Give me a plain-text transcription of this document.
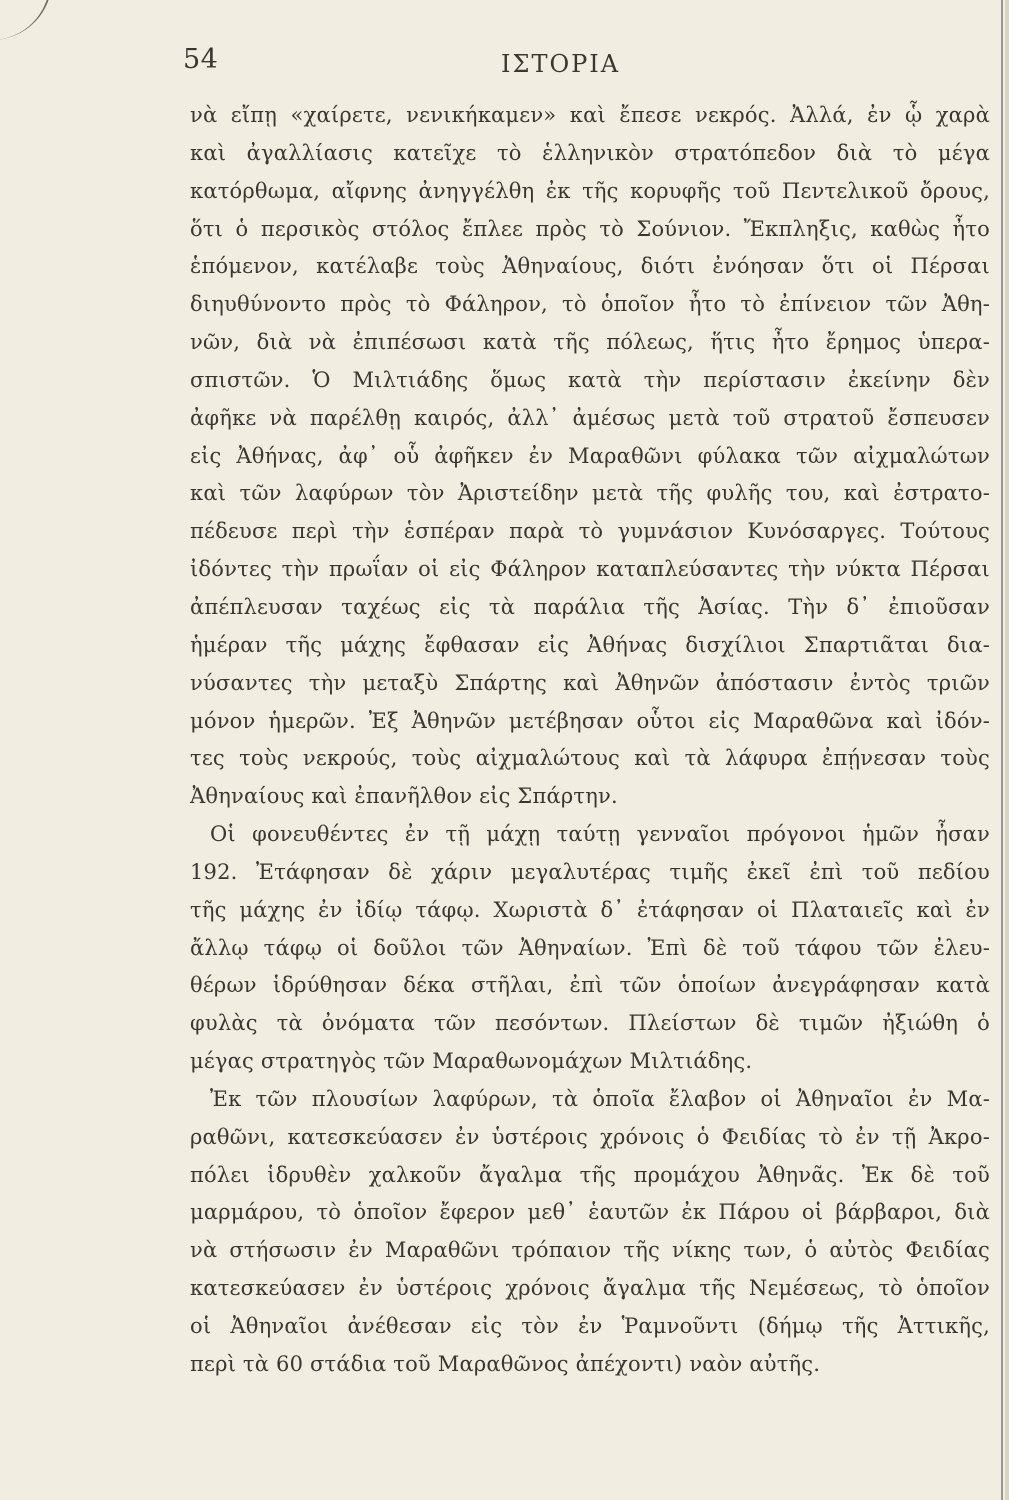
54	ΙΣΤΟΡΙΑ
νὰ εἴπῃ «χαίρετε, νενικήκαμεν» καὶ ἔπεσε νεκρός. Ἀλλά, ἐν ᾧ χαρὰ
καὶ ἀγαλλίασις κατεῖχε τὸ ἑλληνικὸν στρατόπεδον διὰ τὸ μέγα
κατόρθωμα, αἴφνης ἀνηγγέλθη ἐκ τῆς κορυφῆς τοῦ Πεντελικοῦ ὄρους,
ὅτι ὁ περσικὸς στόλος ἔπλεε πρὸς τὸ Σούνιον. Ἔκπληξις, καθὼς ἦτο
ἑπόμενον, κατέλαβε τοὺς Ἀθηναίους, διότι ἐνόησαν ὅτι οἱ Πέρσαι
διηυθύνοντο πρὸς τὸ Φάληρον, τὸ ὁποῖον ἦτο τὸ ἐπίνειον τῶν Ἀθη-
νῶν, διὰ νὰ ἐπιπέσωσι κατὰ τῆς πόλεως, ἥτις ἦτο ἔρημος ὑπερα-
σπιστῶν. Ὁ Μιλτιάδης ὅμως κατὰ τὴν περίστασιν ἐκείνην δὲν
ἀφῆκε νὰ παρέλθῃ καιρός, ἀλλ᾽ ἀμέσως μετὰ τοῦ στρατοῦ ἔσπευσεν
εἰς Ἀθήνας, ἀφ᾽ οὗ ἀφῆκεν ἐν Μαραθῶνι φύλακα τῶν αἰχμαλώτων
καὶ τῶν λαφύρων τὸν Ἀριστείδην μετὰ τῆς φυλῆς του, καὶ ἐστρατο-
πέδευσε περὶ τὴν ἑσπέραν παρὰ τὸ γυμνάσιον Κυνόσαργες. Τούτους
ἰδόντες τὴν πρωΐαν οἱ εἰς Φάληρον καταπλεύσαντες τὴν νύκτα Πέρσαι
ἀπέπλευσαν ταχέως εἰς τὰ παράλια τῆς Ἀσίας. Τὴν δ᾽ ἐπιοῦσαν
ἡμέραν τῆς μάχης ἔφθασαν εἰς Ἀθήνας δισχίλιοι Σπαρτιᾶται δια-
νύσαντες τὴν μεταξὺ Σπάρτης καὶ Ἀθηνῶν ἀπόστασιν ἐντὸς τριῶν
μόνον ἡμερῶν. Ἐξ Ἀθηνῶν μετέβησαν οὗτοι εἰς Μαραθῶνα καὶ ἰδόν-
τες τοὺς νεκρούς, τοὺς αἰχμαλώτους καὶ τὰ λάφυρα ἐπῄνεσαν τοὺς
Ἀθηναίους καὶ ἐπανῆλθον εἰς Σπάρτην.
Οἱ φονευθέντες ἐν τῇ μάχῃ ταύτῃ γενναῖοι πρόγονοι ἡμῶν ἦσαν
192. Ἐτάφησαν δὲ χάριν μεγαλυτέρας τιμῆς ἐκεῖ ἐπὶ τοῦ πεδίου
τῆς μάχης ἐν ἰδίῳ τάφῳ. Χωριστὰ δ᾽ ἐτάφησαν οἱ Πλαταιεῖς καὶ ἐν
ἄλλῳ τάφῳ οἱ δοῦλοι τῶν Ἀθηναίων. Ἐπὶ δὲ τοῦ τάφου τῶν ἐλευ-
θέρων ἱδρύθησαν δέκα στῆλαι, ἐπὶ τῶν ὁποίων ἀνεγράφησαν κατὰ
φυλὰς τὰ ὀνόματα τῶν πεσόντων. Πλείστων δὲ τιμῶν ἠξιώθη ὁ
μέγας στρατηγὸς τῶν Μαραθωνομάχων Μιλτιάδης.
Ἐκ τῶν πλουσίων λαφύρων, τὰ ὁποῖα ἔλαβον οἱ Ἀθηναῖοι ἐν Μα-
ραθῶνι, κατεσκεύασεν ἐν ὑστέροις χρόνοις ὁ Φειδίας τὸ ἐν τῇ Ἀκρο-
πόλει ἱδρυθὲν χαλκοῦν ἄγαλμα τῆς προμάχου Ἀθηνᾶς. Ἐκ δὲ τοῦ
μαρμάρου, τὸ ὁποῖον ἔφερον μεθ᾽ ἑαυτῶν ἐκ Πάρου οἱ βάρβαροι, διὰ
νὰ στήσωσιν ἐν Μαραθῶνι τρόπαιον τῆς νίκης των, ὁ αὐτὸς Φειδίας
κατεσκεύασεν ἐν ὑστέροις χρόνοις ἄγαλμα τῆς Νεμέσεως, τὸ ὁποῖον
οἱ Ἀθηναῖοι ἀνέθεσαν εἰς τὸν ἐν Ῥαμνοῦντι (δήμῳ τῆς Ἀττικῆς,
περὶ τὰ 60 στάδια τοῦ Μαραθῶνος ἀπέχοντι) ναὸν αὐτῆς.
